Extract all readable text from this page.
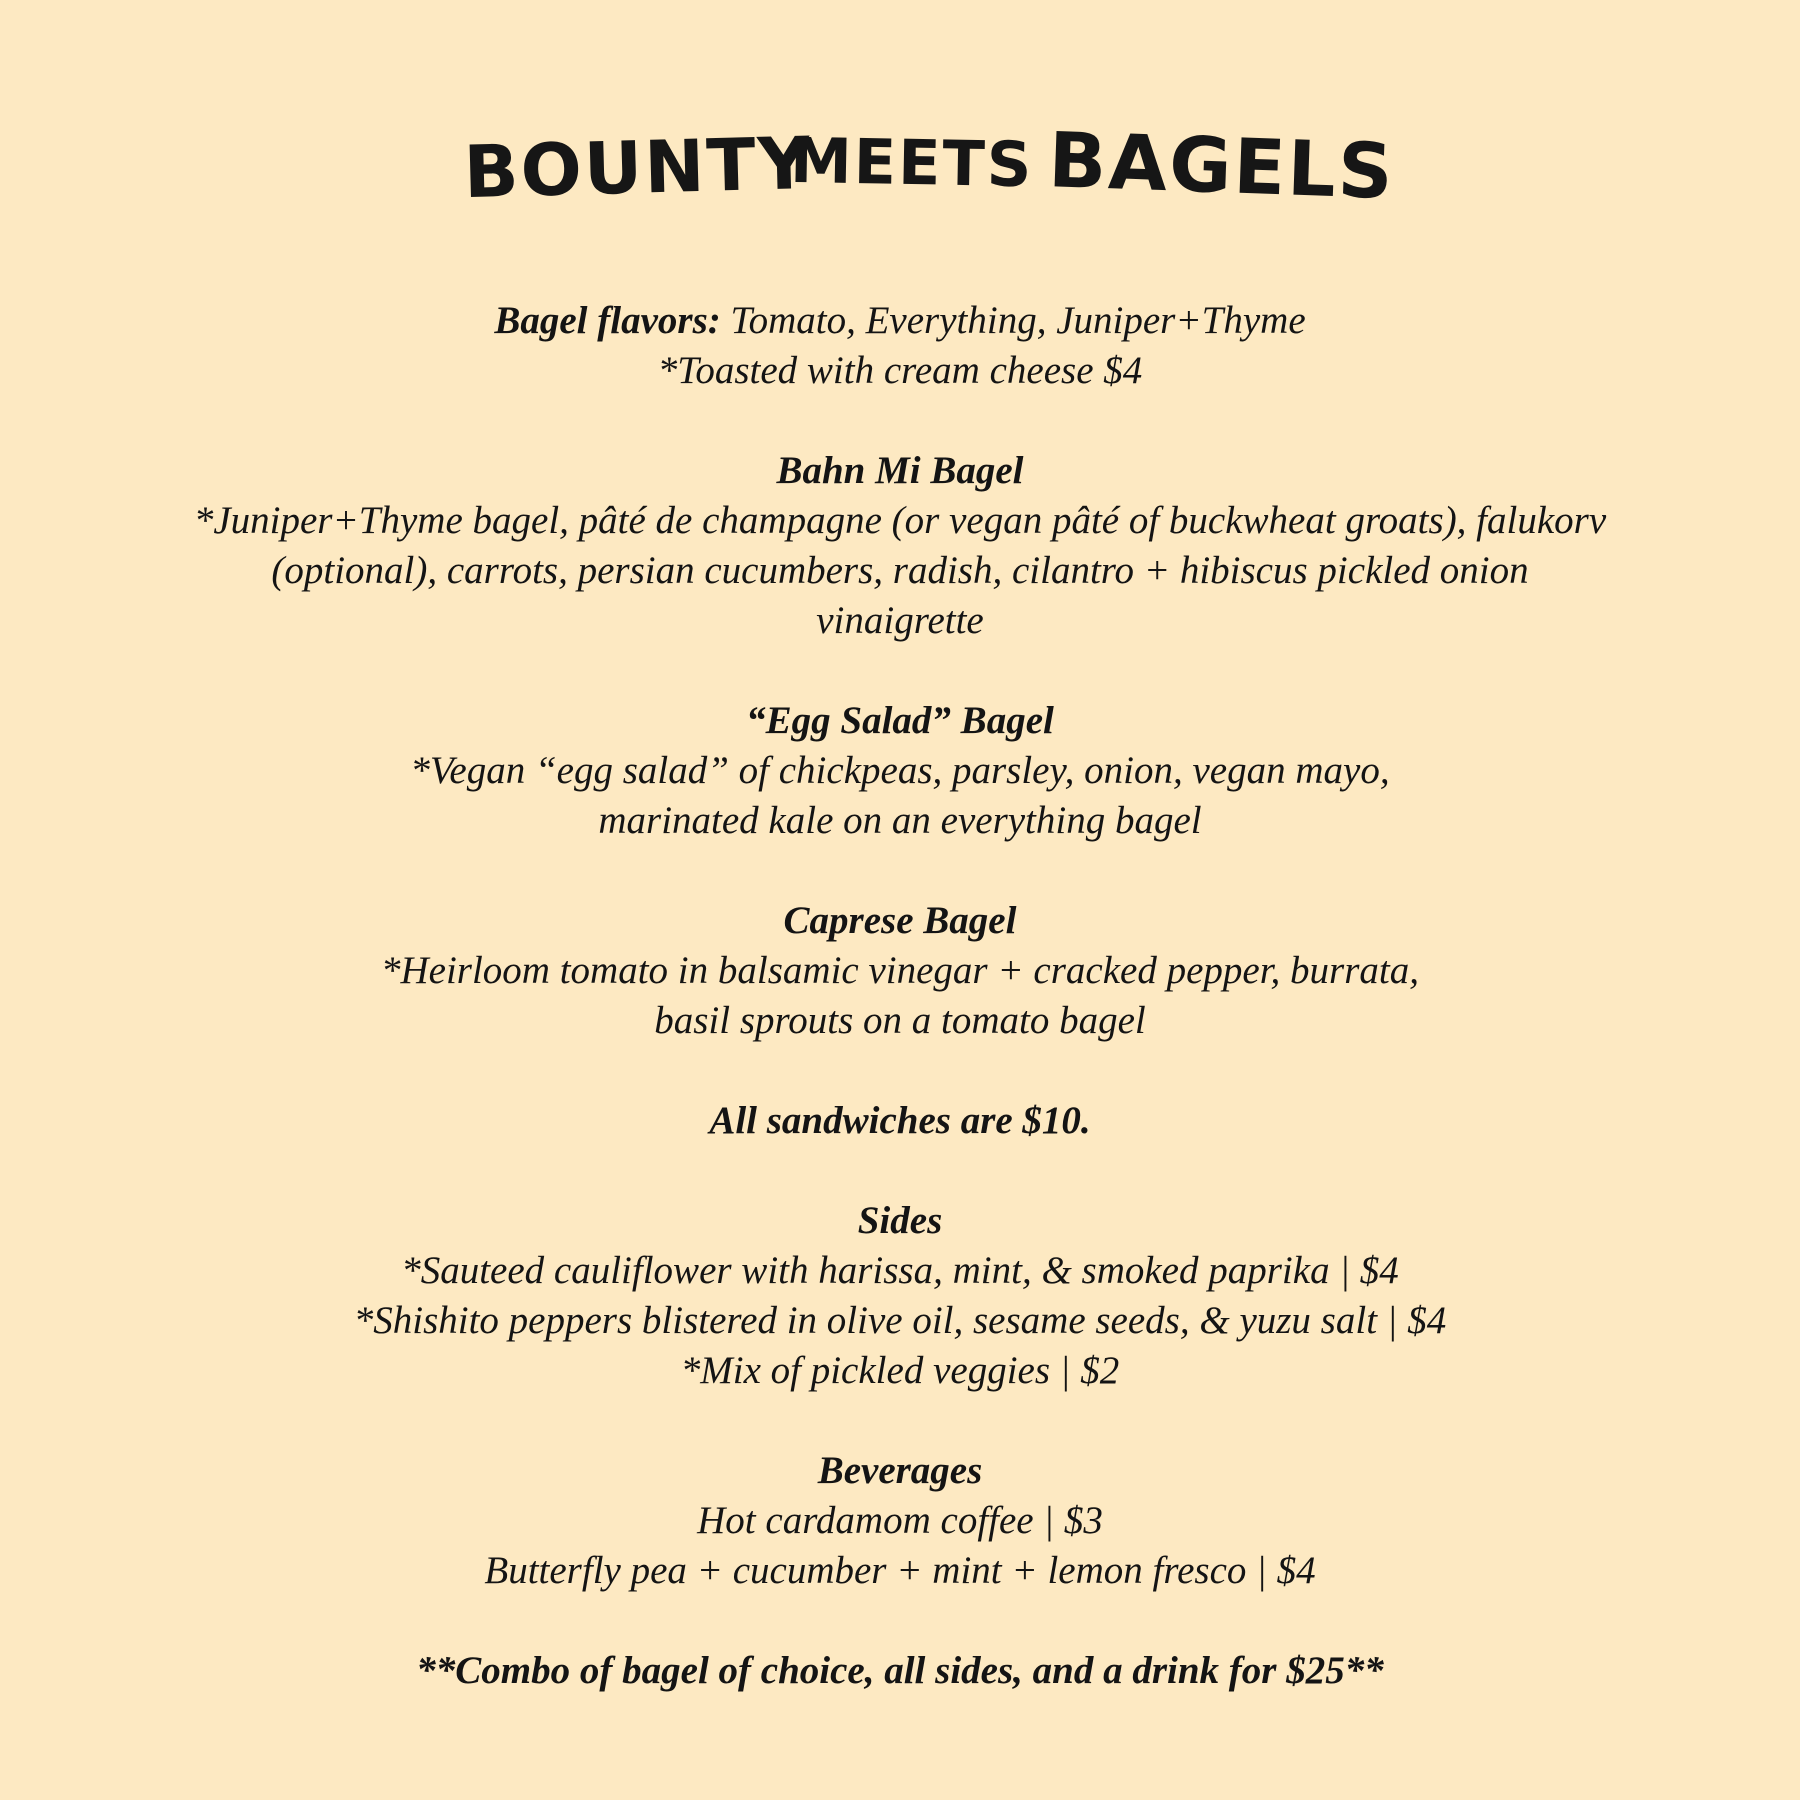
BOUNTY
MEETS BAGELS
Bagel flavors: Tomato, Everything, Juniper+Thyme
*Toasted with cream cheese $4
Bahn Mi Bagel
*Juniper+Thyme bagel, pâté de champagne (or vegan pâté of buckwheat groats), falukorv
(optional), carrots, persian cucumbers, radish, cilantro + hibiscus pickled onion
vinaigrette
“Egg Salad” Bagel
*Vegan “egg salad” of chickpeas, parsley, onion, vegan mayo,
marinated kale on an everything bagel
Caprese Bagel
*Heirloom tomato in balsamic vinegar + cracked pepper, burrata,
basil sprouts on a tomato bagel
All sandwiches are $10.
Sides
*Sauteed cauliflower with harissa, mint, & smoked paprika | $4
*Shishito peppers blistered in olive oil, sesame seeds, & yuzu salt | $4
*Mix of pickled veggies | $2
Beverages
Hot cardamom coffee | $3
Butterfly pea + cucumber + mint + lemon fresco | $4
**Combo of bagel of choice, all sides, and a drink for $25**
